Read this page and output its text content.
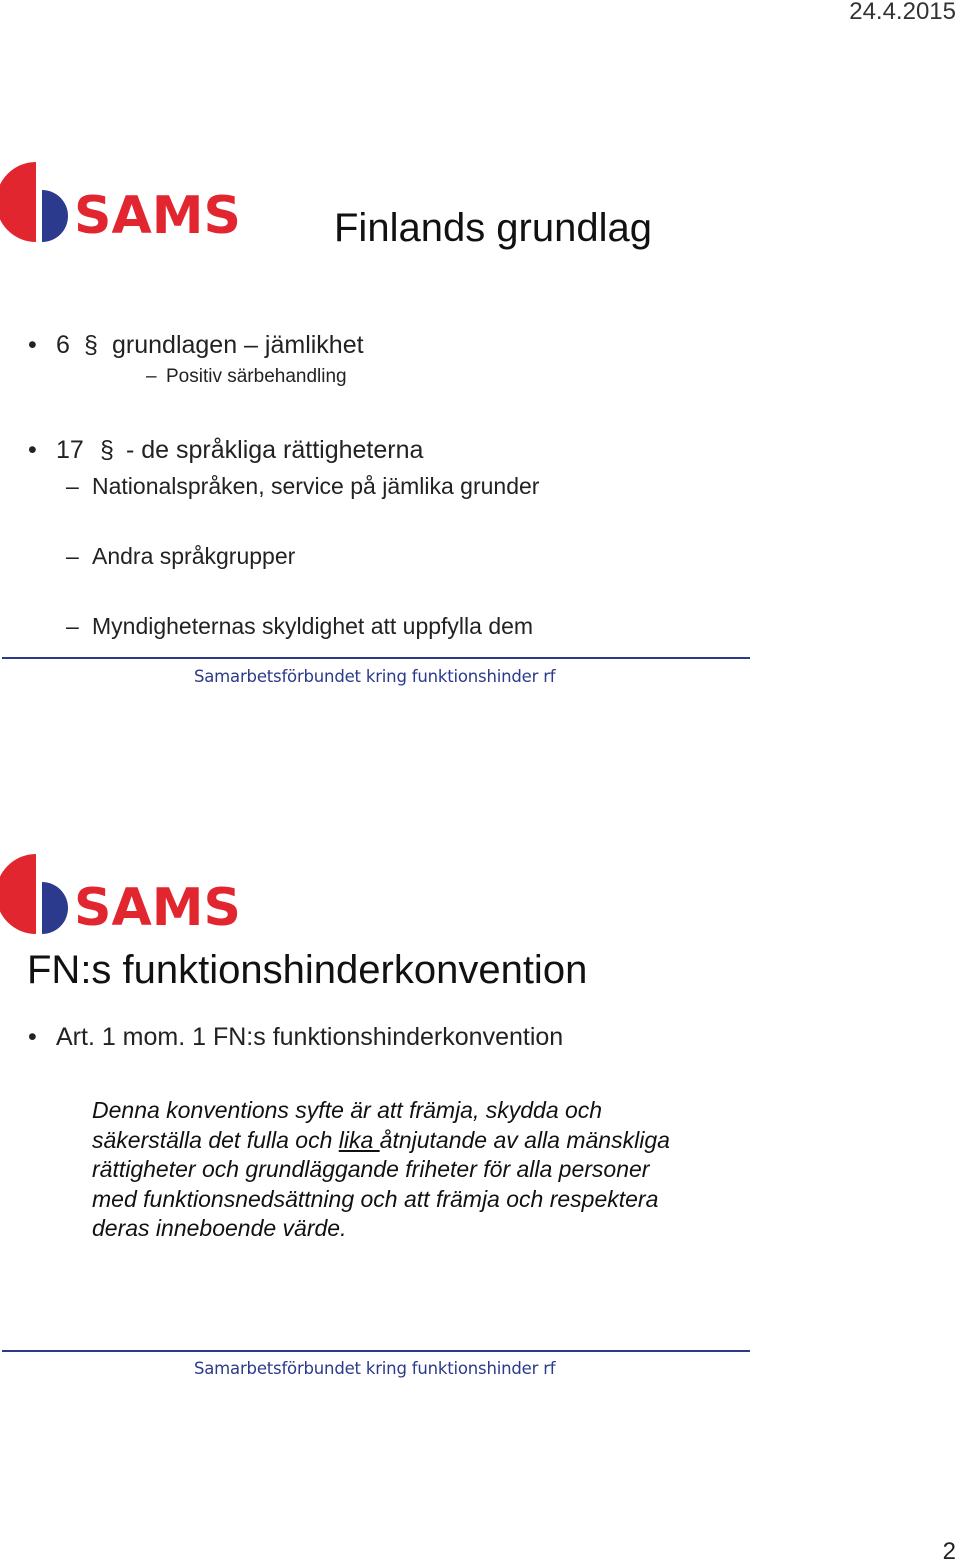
24.4.2015
SAMS Finlands grundlag
• 6 § grundlagen – jämlikhet
– Positiv särbehandling
• 17 § - de språkliga rättigheterna
– Nationalspråken, service på jämlika grunder
– Andra språkgrupper
– Myndigheternas skyldighet att uppfylla dem
Samarbetsförbundet kring funktionshinder rf
SAMS
FN:s funktionshinderkonvention
• Art. 1 mom. 1 FN:s funktionshinderkonvention
Denna konventions syfte är att främja, skydda och
säkerställa det fulla och lika åtnjutande av alla mänskliga
rättigheter och grundläggande friheter för alla personer
med funktionsnedsättning och att främja och respektera
deras inneboende värde.
Samarbetsförbundet kring funktionshinder rf
2
